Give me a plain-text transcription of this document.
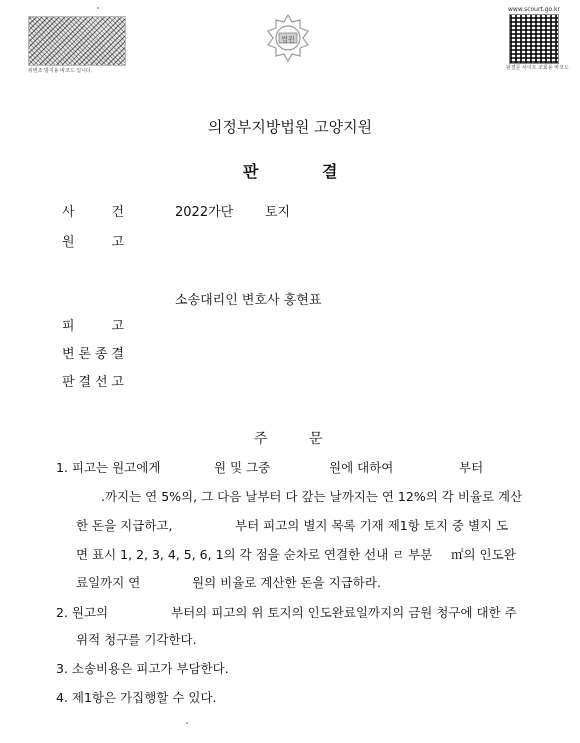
위변조 방지용 바코드 입니다.
법원
www.scourt.go.kr
판결문 사이트 조회용 바코드
의정부지방법원 고양지원
판	결
사	건	2022가단 토지
원	고
소송대리인 변호사 홍현표
피	고
변 론 종 결
판 결 선 고
주	문
1. 피고는 원고에게	원 및 그중	원에 대하여	부터
.까지는 연 5%의, 그 다음 날부터 다 갚는 날까지는 연 12%의 각 비율로 계산
한 돈을 지급하고,	부터 피고의 별지 목록 기재 제1항 토지 중 별지 도
면 표시 1, 2, 3, 4, 5, 6, 1의 각 점을 순차로 연결한 선내 ㄹ 부분 ㎡의 인도완
료일까지 연	원의 비율로 계산한 돈을 지급하라.
2. 원고의	부터의 피고의 위 토지의 인도완료일까지의 금원 청구에 대한 주
위적 청구를 기각한다.
3. 소송비용은 피고가 부담한다.
4. 제1항은 가집행할 수 있다.
